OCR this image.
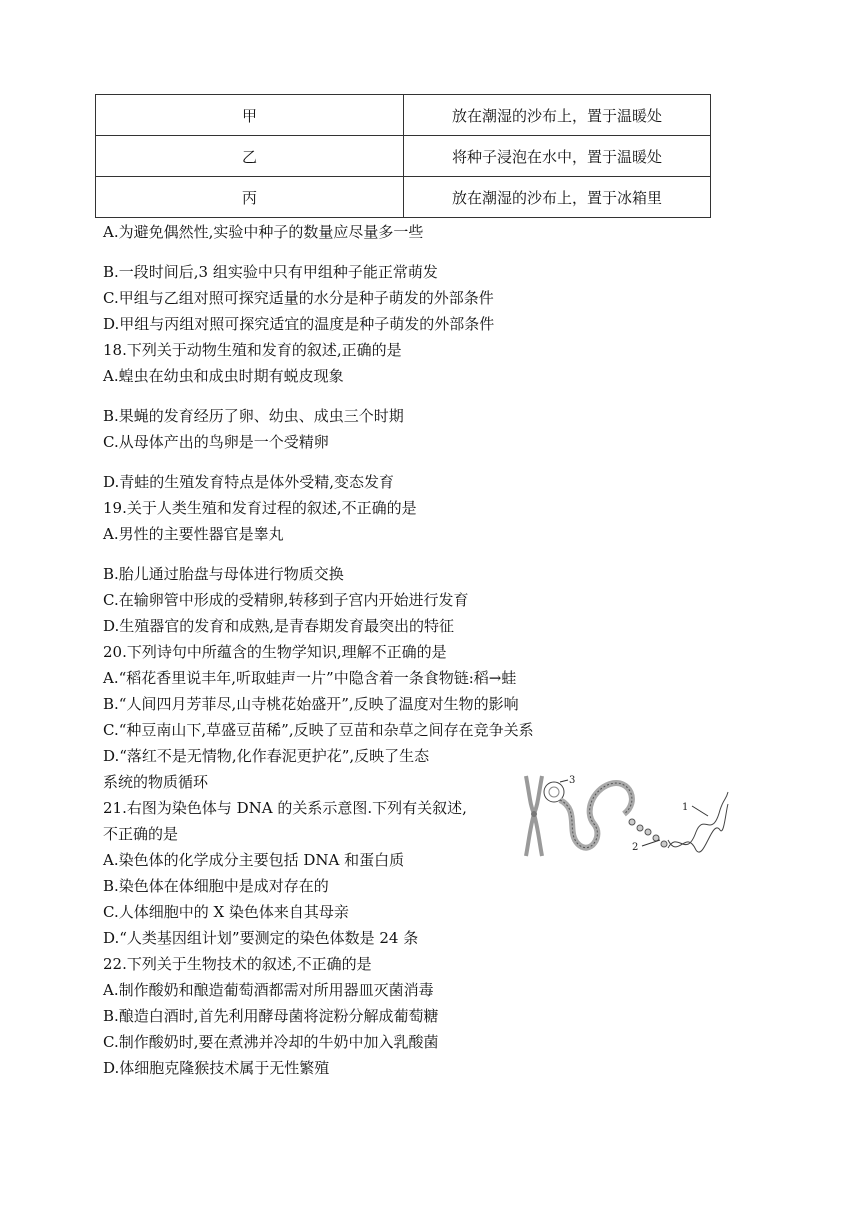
甲	放在潮湿的沙布上，置于温暖处
乙	将种子浸泡在水中，置于温暖处
丙	放在潮湿的沙布上，置于冰箱里
A.为避免偶然性,实验中种子的数量应尽量多一些
B.一段时间后,3 组实验中只有甲组种子能正常萌发
C.甲组与乙组对照可探究适量的水分是种子萌发的外部条件
D.甲组与丙组对照可探究适宜的温度是种子萌发的外部条件
18.下列关于动物生殖和发育的叙述,正确的是
A.蝗虫在幼虫和成虫时期有蜕皮现象
B.果蝇的发育经历了卵、幼虫、成虫三个时期
C.从母体产出的鸟卵是一个受精卵
D.青蛙的生殖发育特点是体外受精,变态发育
19.关于人类生殖和发育过程的叙述,不正确的是
A.男性的主要性器官是睾丸
B.胎儿通过胎盘与母体进行物质交换
C.在输卵管中形成的受精卵,转移到子宫内开始进行发育
D.生殖器官的发育和成熟,是青春期发育最突出的特征
20.下列诗句中所蕴含的生物学知识,理解不正确的是
A.“稻花香里说丰年,听取蛙声一片”中隐含着一条食物链:稻→蛙
B.“人间四月芳菲尽,山寺桃花始盛开”,反映了温度对生物的影响
C.“种豆南山下,草盛豆苗稀”,反映了豆苗和杂草之间存在竞争关系
D.“落红不是无情物,化作春泥更护花”,反映了生态
系统的物质循环
21.右图为染色体与 DNA 的关系示意图.下列有关叙述,
不正确的是
A.染色体的化学成分主要包括 DNA 和蛋白质
B.染色体在体细胞中是成对存在的
C.人体细胞中的 X 染色体来自其母亲
D.“人类基因组计划”要测定的染色体数是 24 条
22.下列关于生物技术的叙述,不正确的是
A.制作酸奶和酿造葡萄酒都需对所用器皿灭菌消毒
B.酿造白酒时,首先利用酵母菌将淀粉分解成葡萄糖
C.制作酸奶时,要在煮沸并冷却的牛奶中加入乳酸菌
D.体细胞克隆猴技术属于无性繁殖
3
1
2
